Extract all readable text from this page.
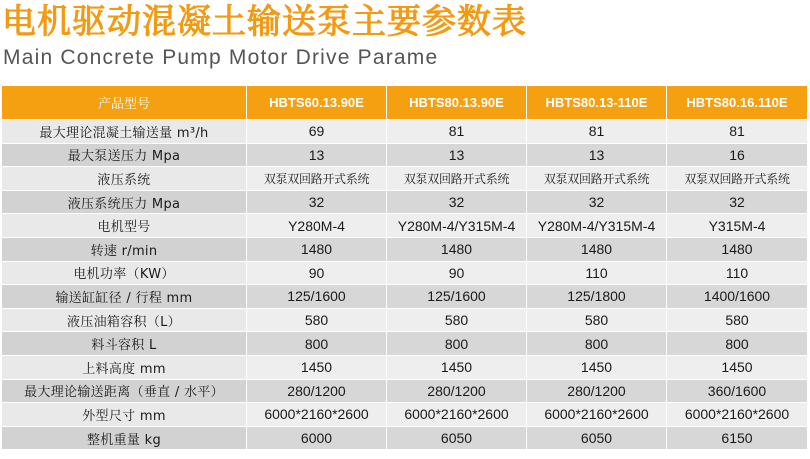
电机驱动混凝土输送泵主要参数表
Main Concrete Pump Motor Drive Parame
产品型号	HBTS60.13.90E	HBTS80.13.90E	HBTS80.13-110E	HBTS80.16.110E
最大理论混凝土输送量 m³/h	69	81	81	81
最大泵送压力 Mpa	13	13	13	16
液压系统	双泵双回路开式系统	双泵双回路开式系统	双泵双回路开式系统	双泵双回路开式系统
液压系统压力 Mpa	32	32	32	32
电机型号	Y280M-4	Y280M-4/Y315M-4	Y280M-4/Y315M-4	Y315M-4
转速 r/min	1480	1480	1480	1480
电机功率（KW）	90	90	110	110
输送缸缸径 / 行程 mm	125/1600	125/1600	125/1800	1400/1600
液压油箱容积（L）	580	580	580	580
料斗容积 L	800	800	800	800
上料高度 mm	1450	1450	1450	1450
最大理论输送距离（垂直 / 水平）	280/1200	280/1200	280/1200	360/1600
外型尺寸 mm	6000*2160*2600	6000*2160*2600	6000*2160*2600	6000*2160*2600
整机重量 kg	6000	6050	6050	6150
